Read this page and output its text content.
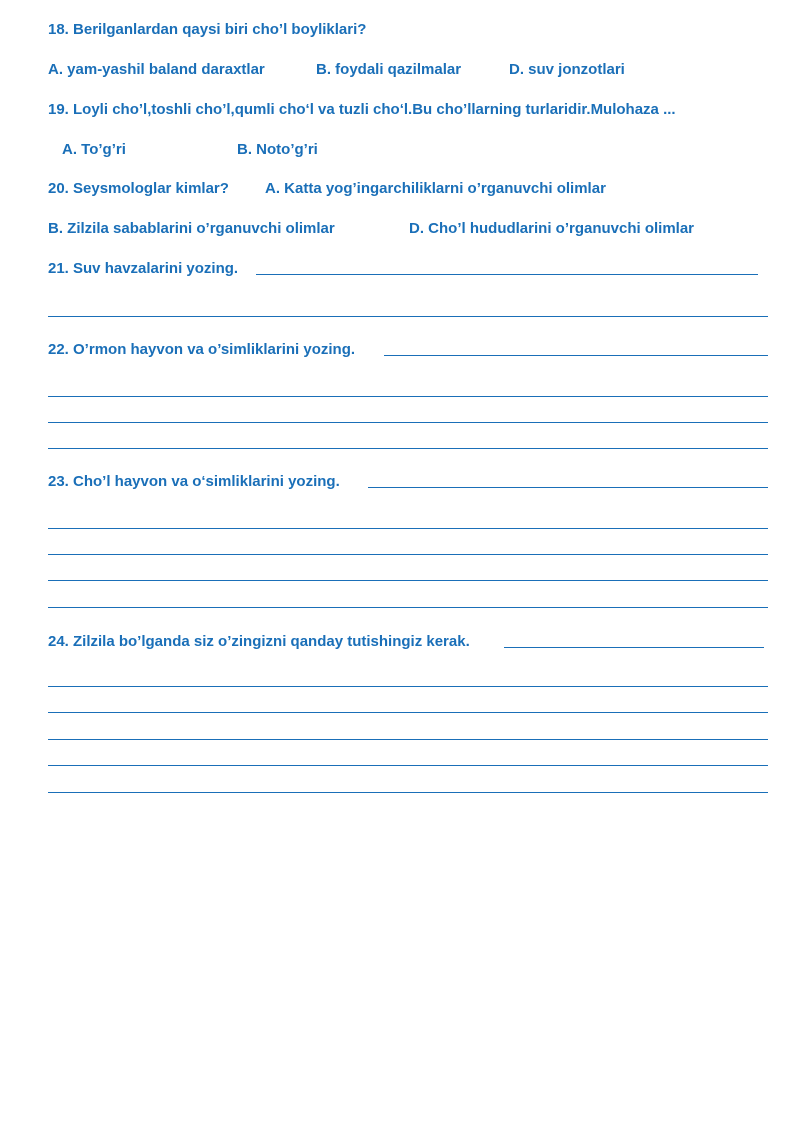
18. Berilganlardan qaysi biri cho’l boyliklari?
A. yam-yashil baland daraxtlar	B. foydali qazilmalar	D. suv jonzotlari
19. Loyli cho’l,toshli cho’l,qumli cho‘l va tuzli cho‘l.Bu cho’llarning turlaridir.Mulohaza ...
A. To’g’ri	B. Noto’g’ri
20. Seysmologlar kimlar? A. Katta yog’ingarchiliklarni o’rganuvchi olimlar
B. Zilzila sabablarini o’rganuvchi olimlar	D. Cho’l hududlarini o’rganuvchi olimlar
21. Suv havzalarini yozing.
22. O’rmon hayvon va o’simliklarini yozing.
23. Cho’l hayvon va o‘simliklarini yozing.
24. Zilzila bo’lganda siz o’zingizni qanday tutishingiz kerak.
